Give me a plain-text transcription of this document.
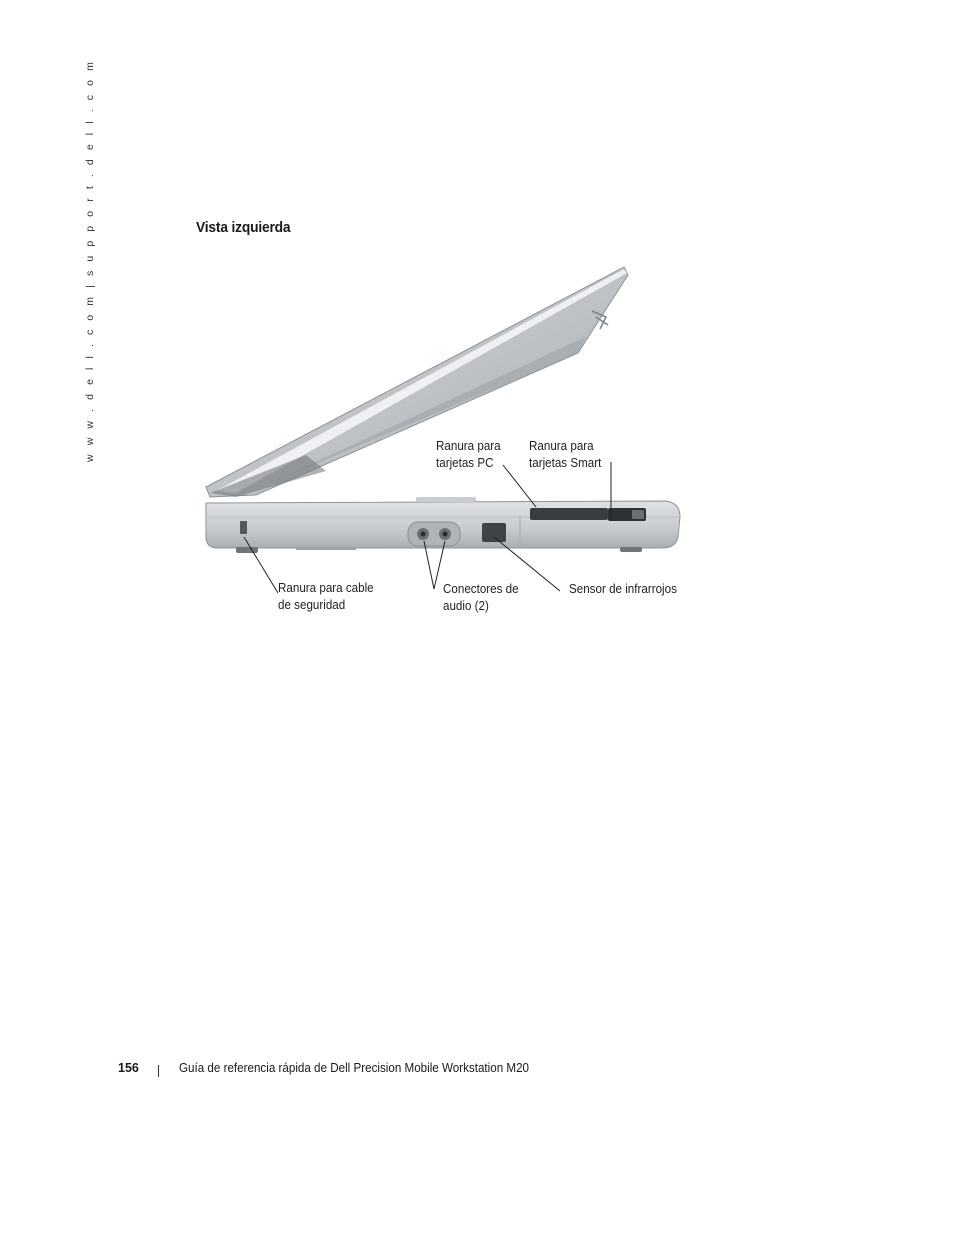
w w w . d e l l . c o m | s u p p o r t . d e l l . c o m	Vista izquierda
Ranura para
tarjetas PC
Ranura para
tarjetas Smart
Ranura para cable
de seguridad
Conectores de
audio (2)
Sensor de infrarrojos
156	Guía de referencia rápida de Dell Precision Mobile Workstation M20
